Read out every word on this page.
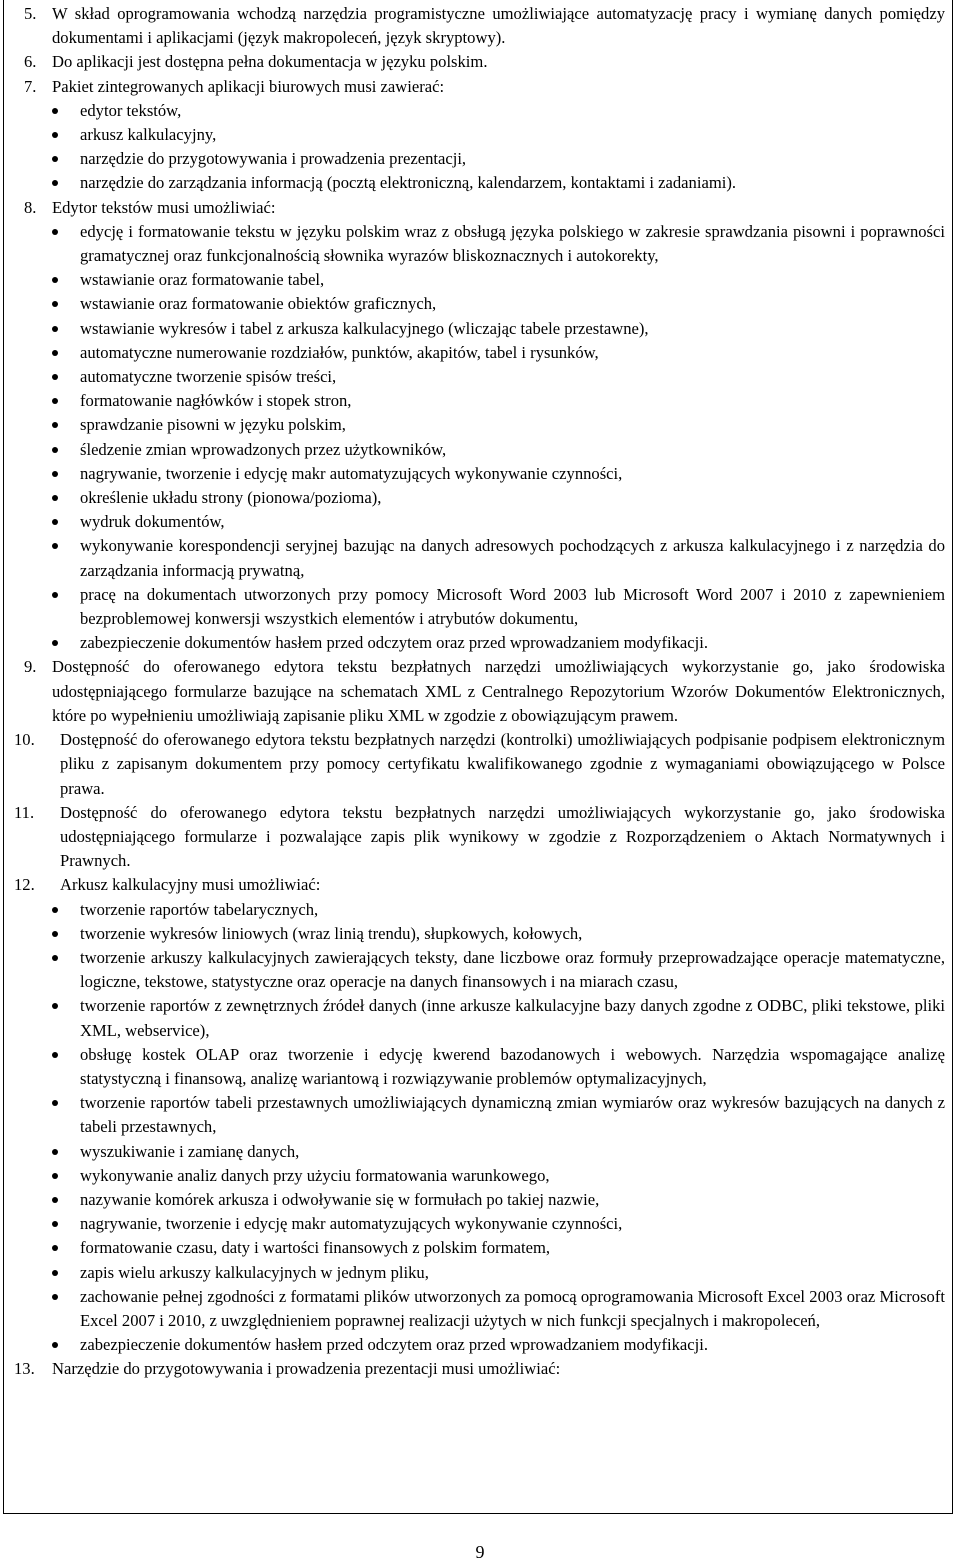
5. W skład oprogramowania wchodzą narzędzia programistyczne umożliwiające automatyzację pracy i wymianę danych pomiędzy dokumentami i aplikacjami (język makropoleceń, język skryptowy).
6. Do aplikacji jest dostępna pełna dokumentacja w języku polskim.
7. Pakiet zintegrowanych aplikacji biurowych musi zawierać:
edytor tekstów,
arkusz kalkulacyjny,
narzędzie do przygotowywania i prowadzenia prezentacji,
narzędzie do zarządzania informacją (pocztą elektroniczną, kalendarzem, kontaktami i zadaniami).
8. Edytor tekstów musi umożliwiać:
edycję i formatowanie tekstu w języku polskim wraz z obsługą języka polskiego w zakresie sprawdzania pisowni i poprawności gramatycznej oraz funkcjonalnością słownika wyrazów bliskoznacznych i autokorekty,
wstawianie oraz formatowanie tabel,
wstawianie oraz formatowanie obiektów graficznych,
wstawianie wykresów i tabel z arkusza kalkulacyjnego (wliczając tabele przestawne),
automatyczne numerowanie rozdziałów, punktów, akapitów, tabel i rysunków,
automatyczne tworzenie spisów treści,
formatowanie nagłówków i stopek stron,
sprawdzanie pisowni w języku polskim,
śledzenie zmian wprowadzonych przez użytkowników,
nagrywanie, tworzenie i edycję makr automatyzujących wykonywanie czynności,
określenie układu strony (pionowa/pozioma),
wydruk dokumentów,
wykonywanie korespondencji seryjnej bazując na danych adresowych pochodzących z arkusza kalkulacyjnego i z narzędzia do zarządzania informacją prywatną,
pracę na dokumentach utworzonych przy pomocy Microsoft Word 2003 lub Microsoft Word 2007 i 2010 z zapewnieniem bezproblemowej konwersji wszystkich elementów i atrybutów dokumentu,
zabezpieczenie dokumentów hasłem przed odczytem oraz przed wprowadzaniem modyfikacji.
9. Dostępność do oferowanego edytora tekstu bezpłatnych narzędzi umożliwiających wykorzystanie go, jako środowiska udostępniającego formularze bazujące na schematach XML z Centralnego Repozytorium Wzorów Dokumentów Elektronicznych, które po wypełnieniu umożliwiają zapisanie pliku XML w zgodzie z obowiązującym prawem.
10. Dostępność do oferowanego edytora tekstu bezpłatnych narzędzi (kontrolki) umożliwiających podpisanie podpisem elektronicznym pliku z zapisanym dokumentem przy pomocy certyfikatu kwalifikowanego zgodnie z wymaganiami obowiązującego w Polsce prawa.
11. Dostępność do oferowanego edytora tekstu bezpłatnych narzędzi umożliwiających wykorzystanie go, jako środowiska udostępniającego formularze i pozwalające zapis plik wynikowy w zgodzie z Rozporządzeniem o Aktach Normatywnych i Prawnych.
12. Arkusz kalkulacyjny musi umożliwiać:
tworzenie raportów tabelarycznych,
tworzenie wykresów liniowych (wraz linią trendu), słupkowych, kołowych,
tworzenie arkuszy kalkulacyjnych zawierających teksty, dane liczbowe oraz formuły przeprowadzające operacje matematyczne, logiczne, tekstowe, statystyczne oraz operacje na danych finansowych i na miarach czasu,
tworzenie raportów z zewnętrznych źródeł danych (inne arkusze kalkulacyjne bazy danych zgodne z ODBC, pliki tekstowe, pliki XML, webservice),
obsługę kostek OLAP oraz tworzenie i edycję kwerend bazodanowych i webowych. Narzędzia wspomagające analizę statystyczną i finansową, analizę wariantową i rozwiązywanie problemów optymalizacyjnych,
tworzenie raportów tabeli przestawnych umożliwiających dynamiczną zmian wymiarów oraz wykresów bazujących na danych z tabeli przestawnych,
wyszukiwanie i zamianę danych,
wykonywanie analiz danych przy użyciu formatowania warunkowego,
nazywanie komórek arkusza i odwoływanie się w formułach po takiej nazwie,
nagrywanie, tworzenie i edycję makr automatyzujących wykonywanie czynności,
formatowanie czasu, daty i wartości finansowych z polskim formatem,
zapis wielu arkuszy kalkulacyjnych w jednym pliku,
zachowanie pełnej zgodności z formatami plików utworzonych za pomocą oprogramowania Microsoft Excel 2003 oraz Microsoft Excel 2007 i 2010, z uwzględnieniem poprawnej realizacji użytych w nich funkcji specjalnych i makropoleceń,
zabezpieczenie dokumentów hasłem przed odczytem oraz przed wprowadzaniem modyfikacji.
13. Narzędzie do przygotowywania i prowadzenia prezentacji musi umożliwiać:
9
